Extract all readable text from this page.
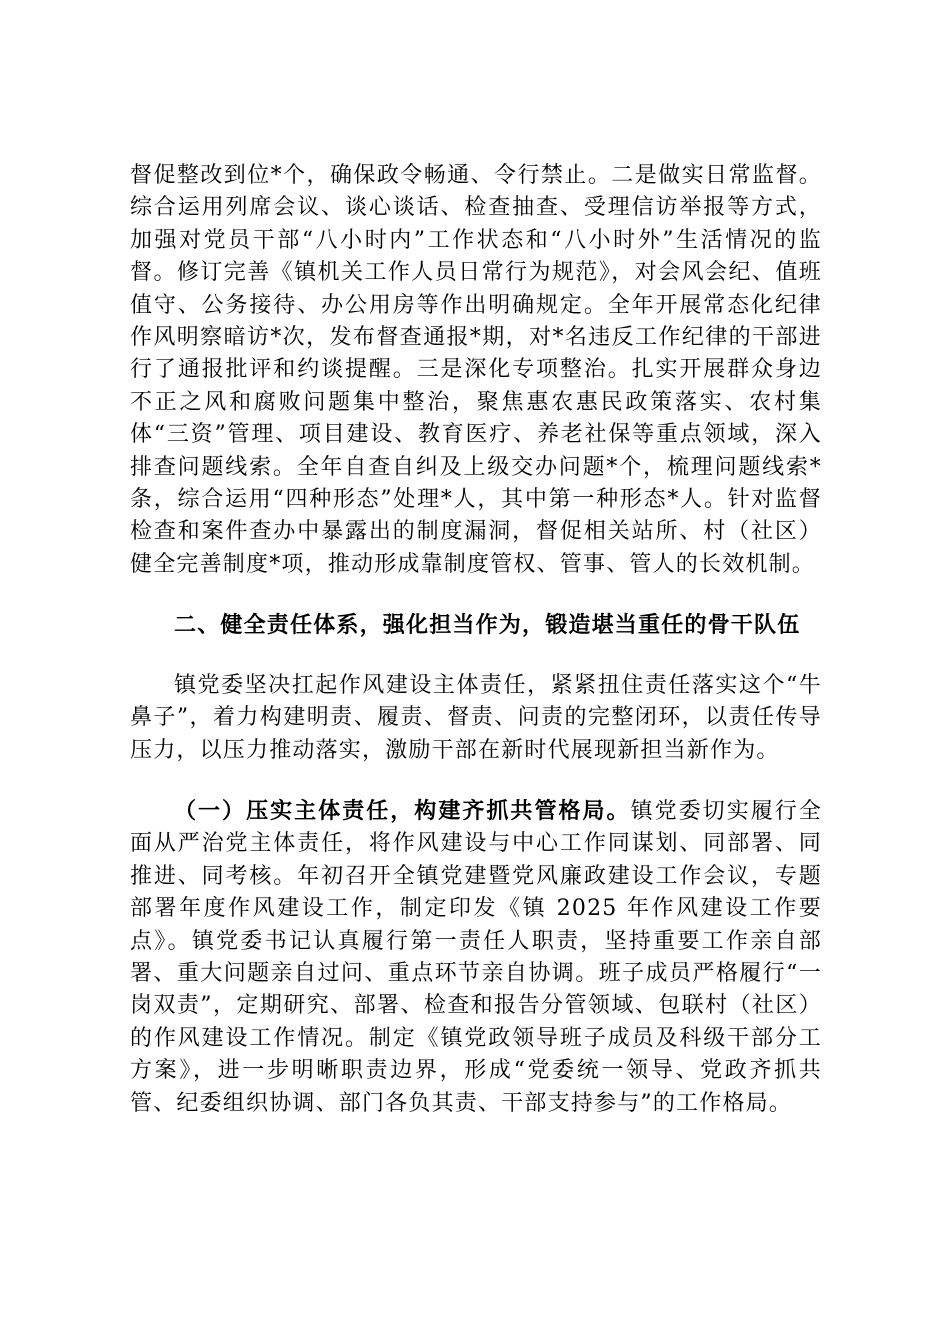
督促整改到位*个，确保政令畅通、令行禁止。二是做实日常监督。综合运用列席会议、谈心谈话、检查抽查、受理信访举报等方式，加强对党员干部“八小时内”工作状态和“八小时外”生活情况的监督。修订完善《镇机关工作人员日常行为规范》，对会风会纪、值班值守、公务接待、办公用房等作出明确规定。全年开展常态化纪律作风明察暗访*次，发布督查通报*期，对*名违反工作纪律的干部进行了通报批评和约谈提醒。三是深化专项整治。扎实开展群众身边不正之风和腐败问题集中整治，聚焦惠农惠民政策落实、农村集体“三资”管理、项目建设、教育医疗、养老社保等重点领域，深入排查问题线索。全年自查自纠及上级交办问题*个，梳理问题线索*条，综合运用“四种形态”处理*人，其中第一种形态*人。针对监督检查和案件查办中暴露出的制度漏洞，督促相关站所、村（社区）健全完善制度*项，推动形成靠制度管权、管事、管人的长效机制。

二、健全责任体系，强化担当作为，锻造堪当重任的骨干队伍

镇党委坚决扛起作风建设主体责任，紧紧扭住责任落实这个“牛鼻子”，着力构建明责、履责、督责、问责的完整闭环，以责任传导压力，以压力推动落实，激励干部在新时代展现新担当新作为。

（一）压实主体责任，构建齐抓共管格局。镇党委切实履行全面从严治党主体责任，将作风建设与中心工作同谋划、同部署、同推进、同考核。年初召开全镇党建暨党风廉政建设工作会议，专题部署年度作风建设工作，制定印发《镇 2025 年作风建设工作要点》。镇党委书记认真履行第一责任人职责，坚持重要工作亲自部署、重大问题亲自过问、重点环节亲自协调。班子成员严格履行“一岗双责”，定期研究、部署、检查和报告分管领域、包联村（社区）的作风建设工作情况。制定《镇党政领导班子成员及科级干部分工方案》，进一步明晰职责边界，形成“党委统一领导、党政齐抓共管、纪委组织协调、部门各负其责、干部支持参与”的工作格局。
